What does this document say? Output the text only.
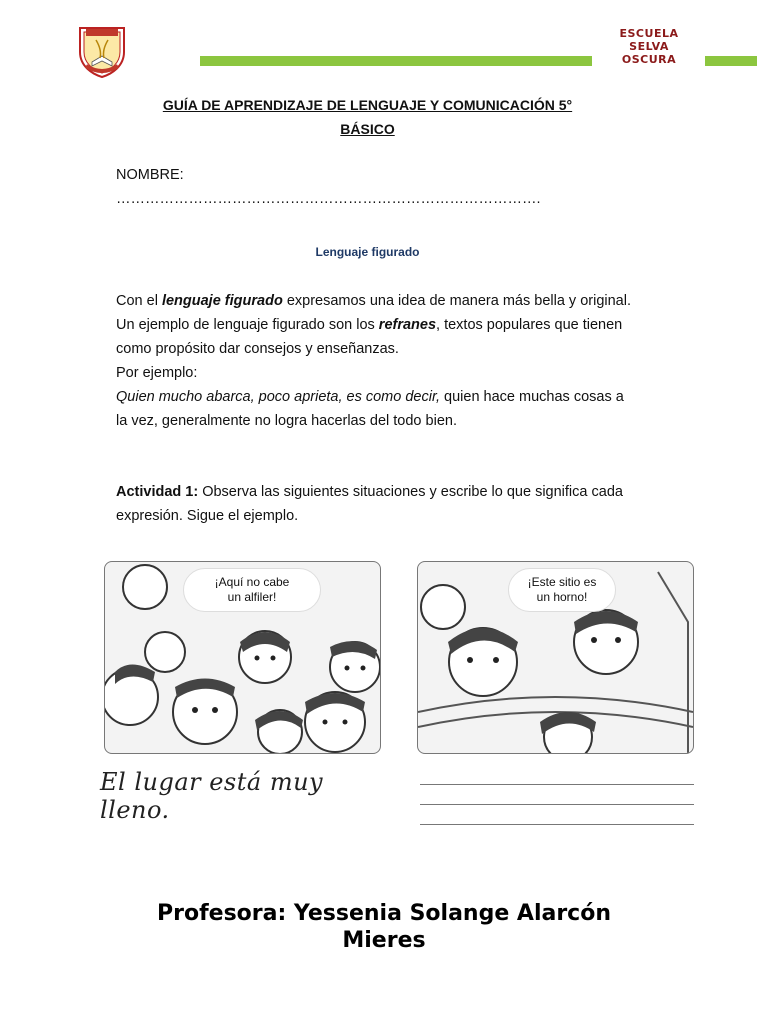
ESCUELA
SELVA
OSCURA
GUÍA DE APRENDIZAJE DE LENGUAJE Y COMUNICACIÓN 5°
BÁSICO
NOMBRE:
…………………………………………………………………………….
Lenguaje figurado

Con el lenguaje figurado expresamos una idea de manera más bella y original.

Un ejemplo de lenguaje figurado son los refranes, textos populares que tienen como propósito dar consejos y enseñanzas.

Por ejemplo:

Quien mucho abarca, poco aprieta, es como decir, quien hace muchas cosas a la vez, generalmente no logra hacerlas del todo bien.

Actividad 1: Observa las siguientes situaciones y escribe lo que significa cada expresión. Sigue el ejemplo.
¡Aquí no cabe
un alfiler!
¡Este sitio es
un horno!
El lugar está muy lleno.
Profesora: Yessenia Solange Alarcón
Mieres
